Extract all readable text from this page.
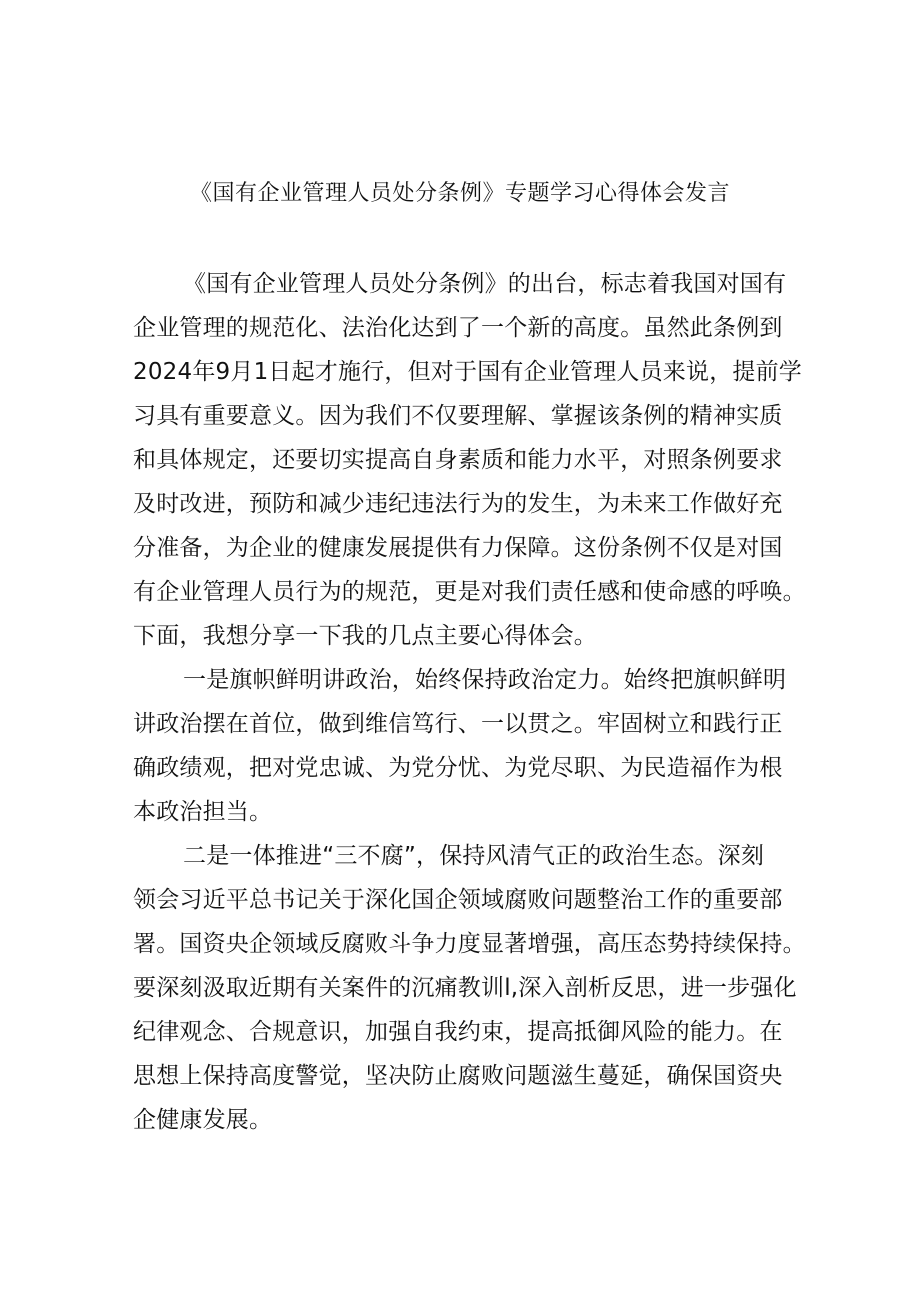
《国有企业管理人员处分条例》专题学习心得体会发言
《国有企业管理人员处分条例》的出台，标志着我国对国有
企业管理的规范化、法治化达到了一个新的高度。虽然此条例到
2024年9月1日起才施行，但对于国有企业管理人员来说，提前学
习具有重要意义。因为我们不仅要理解、掌握该条例的精神实质
和具体规定，还要切实提高自身素质和能力水平，对照条例要求
及时改进，预防和减少违纪违法行为的发生，为未来工作做好充
分准备，为企业的健康发展提供有力保障。这份条例不仅是对国
有企业管理人员行为的规范，更是对我们责任感和使命感的呼唤。
下面，我想分享一下我的几点主要心得体会。
一是旗帜鲜明讲政治，始终保持政治定力。始终把旗帜鲜明
讲政治摆在首位，做到维信笃行、一以贯之。牢固树立和践行正
确政绩观，把对党忠诚、为党分忧、为党尽职、为民造福作为根
本政治担当。
二是一体推进“三不腐”，保持风清气正的政治生态。深刻
领会习近平总书记关于深化国企领域腐败问题整治工作的重要部
署。国资央企领域反腐败斗争力度显著增强，高压态势持续保持。
要深刻汲取近期有关案件的沉痛教训l,深入剖析反思，进一步强化
纪律观念、合规意识，加强自我约束，提高抵御风险的能力。在
思想上保持高度警觉，坚决防止腐败问题滋生蔓延，确保国资央
企健康发展。
